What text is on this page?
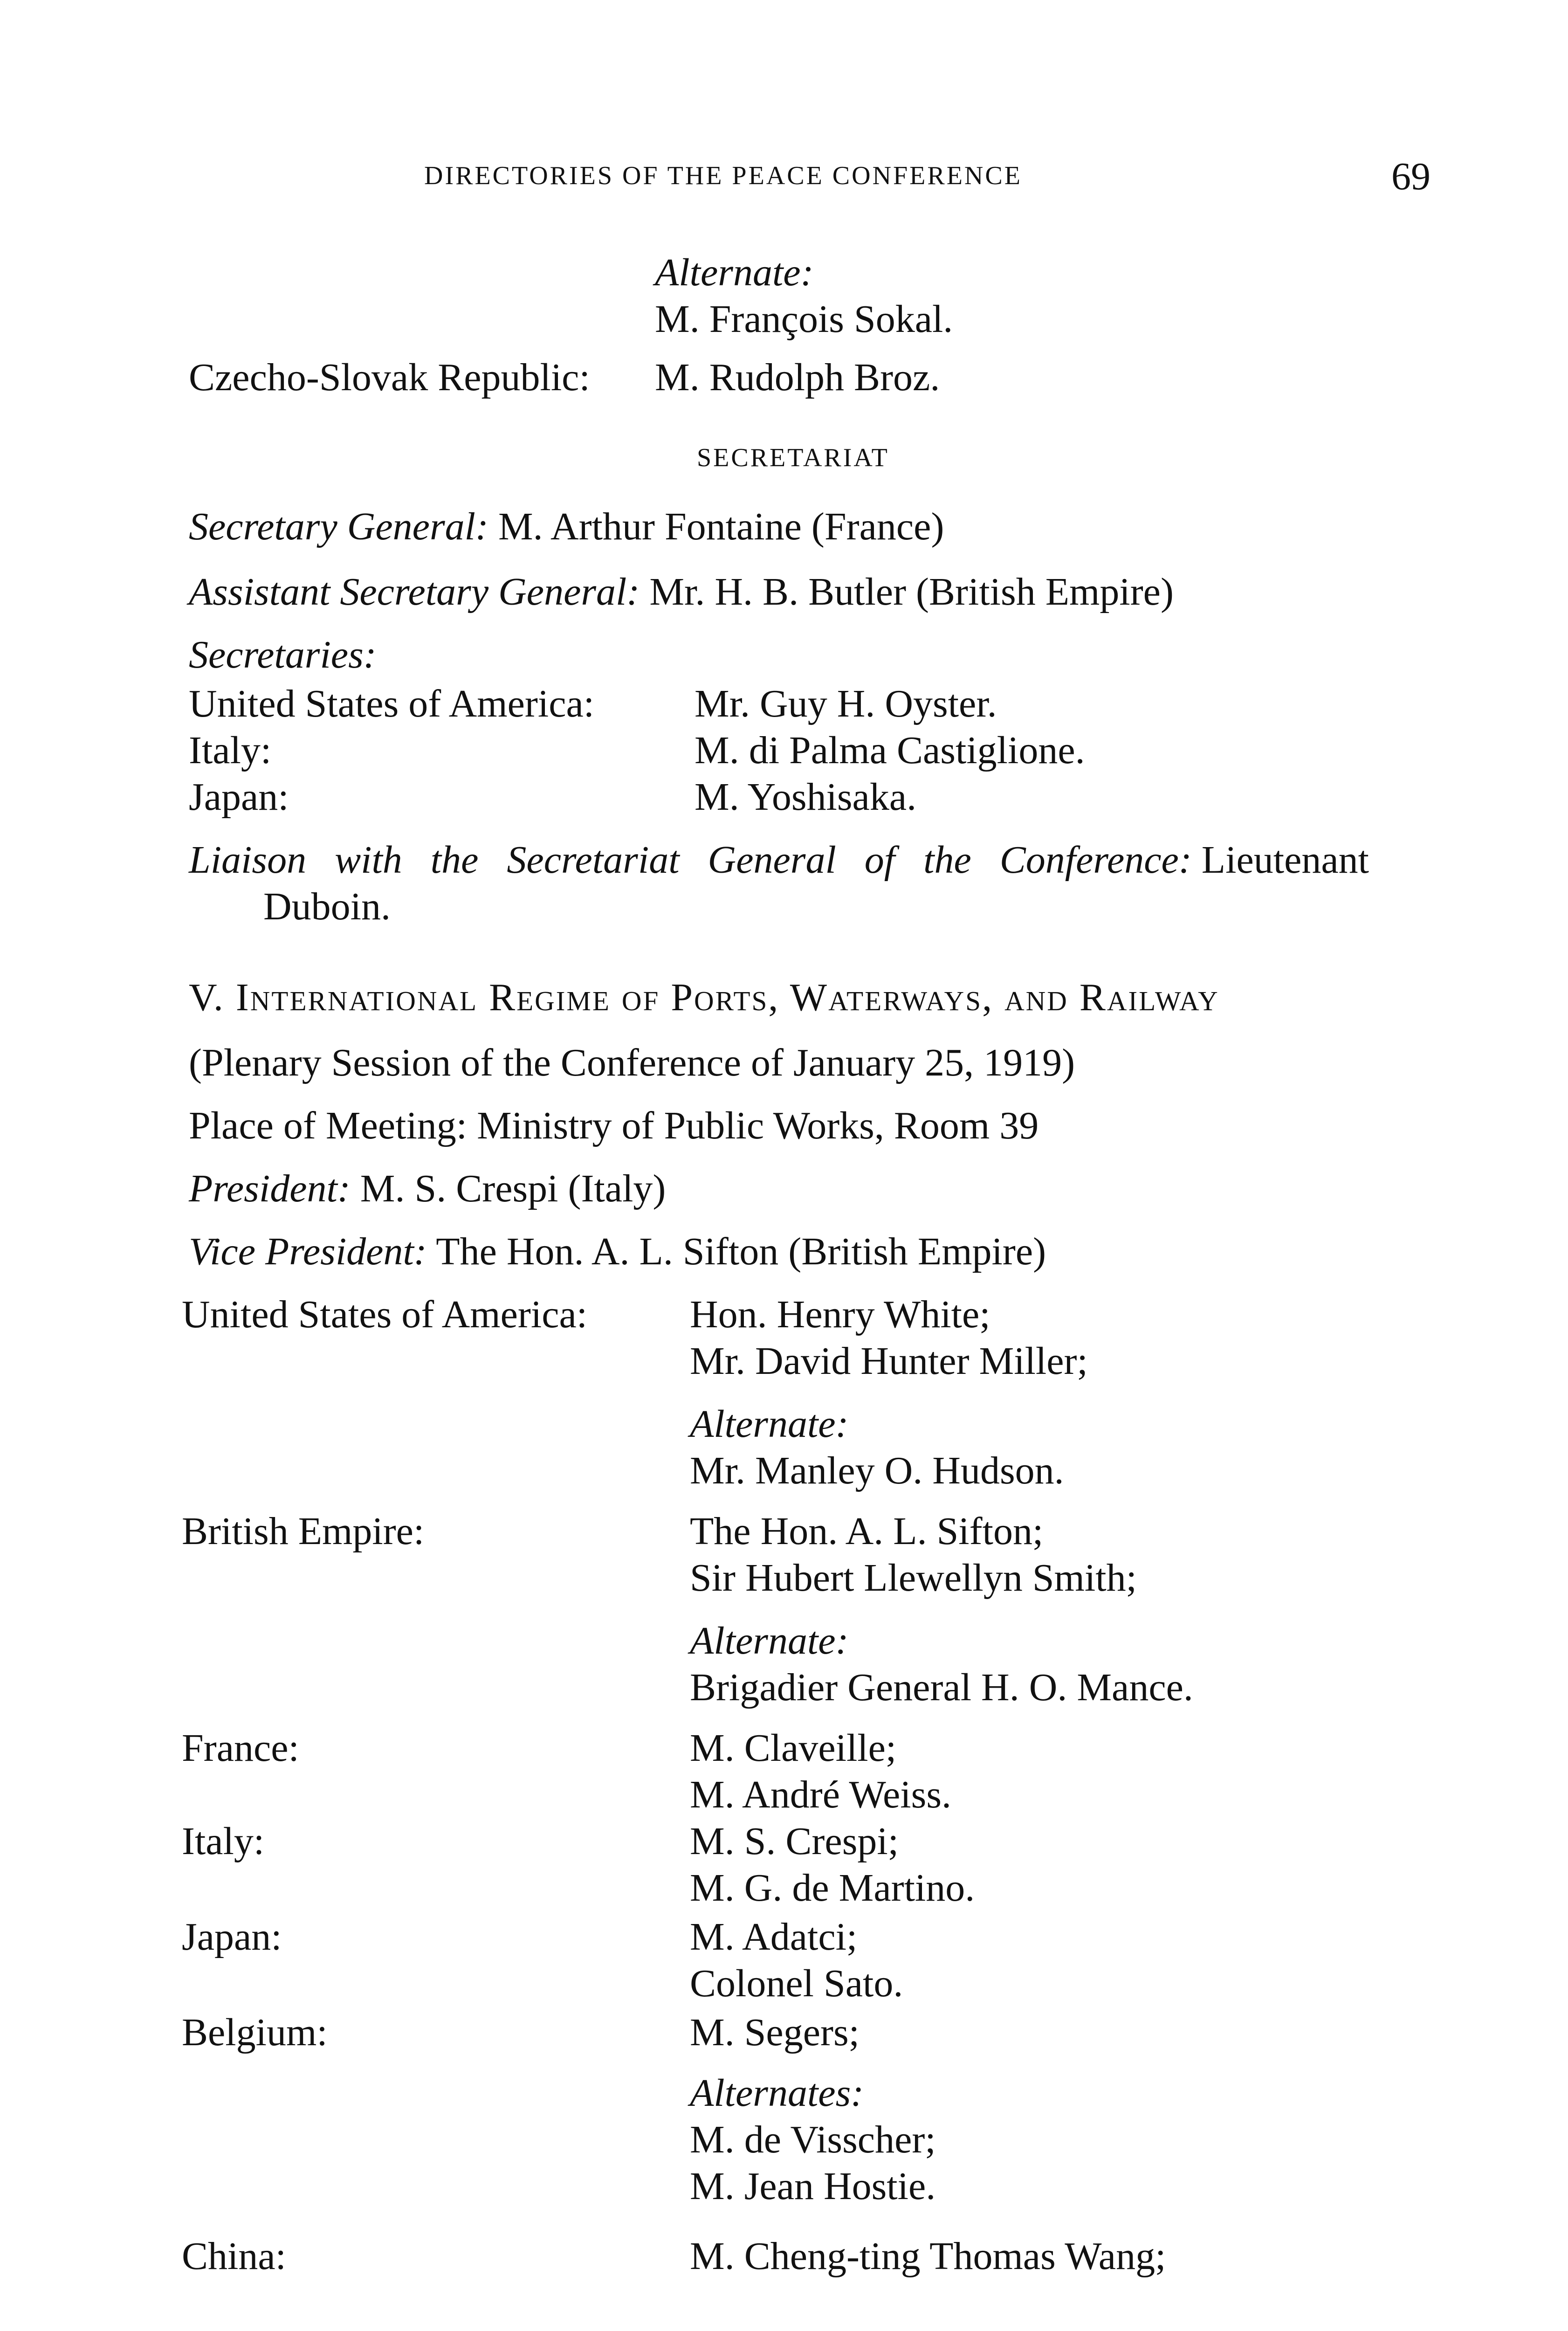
DIRECTORIES OF THE PEACE CONFERENCE	69
Alternate:
M. François Sokal.
Czecho-Slovak Republic: M. Rudolph Broz.
SECRETARIAT
Secretary General: M. Arthur Fontaine (France)
Assistant Secretary General: Mr. H. B. Butler (British Empire)
Secretaries:
United States of America:	Mr. Guy H. Oyster.
Italy:	M. di Palma Castiglione.
Japan:	M. Yoshisaka.
Liaison with the Secretariat General of the Conference: Lieutenant
Duboin.
V. International Regime of Ports, Waterways, and Railway
(Plenary Session of the Conference of January 25, 1919)
Place of Meeting: Ministry of Public Works, Room 39
President: M. S. Crespi (Italy)
Vice President: The Hon. A. L. Sifton (British Empire)
United States of America:	Hon. Henry White;
Mr. David Hunter Miller;
Alternate:
Mr. Manley O. Hudson.
British Empire:	The Hon. A. L. Sifton;
Sir Hubert Llewellyn Smith;
Alternate:
Brigadier General H. O. Mance.
France:	M. Claveille;
M. André Weiss.
Italy:	M. S. Crespi;
M. G. de Martino.
Japan:	M. Adatci;
Colonel Sato.
Belgium:	M. Segers;
Alternates:
M. de Visscher;
M. Jean Hostie.
China:	M. Cheng-ting Thomas Wang;
